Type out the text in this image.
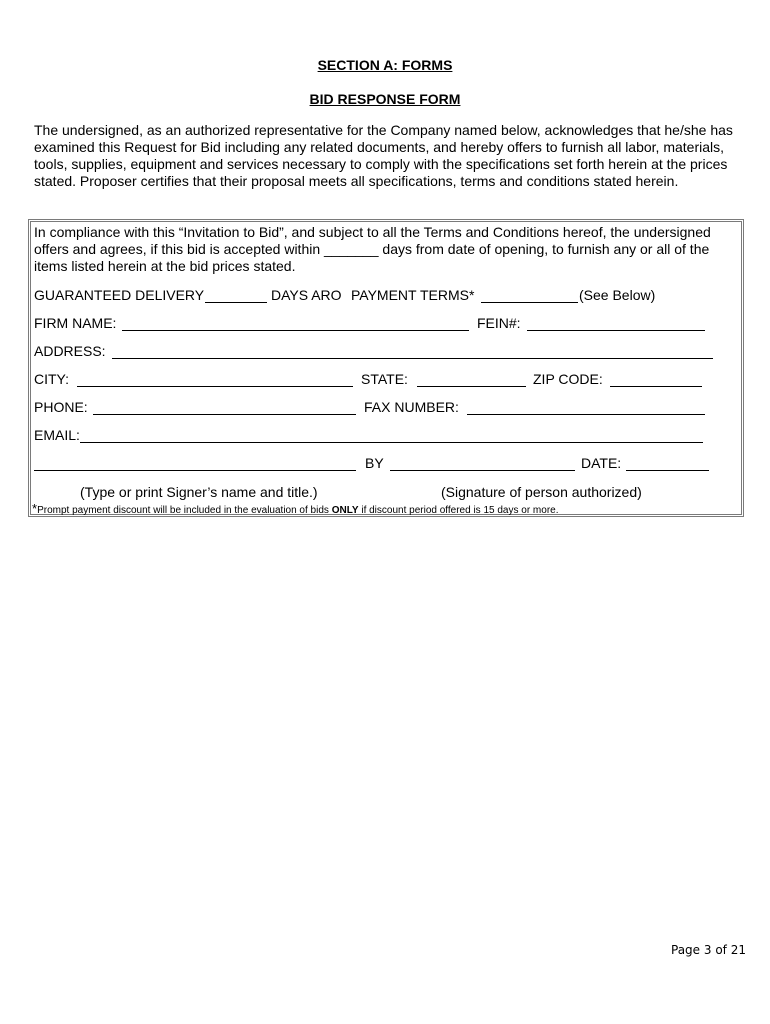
SECTION A: FORMS
BID RESPONSE FORM
The undersigned, as an authorized representative for the Company named below, acknowledges that he/she has examined this Request for Bid including any related documents, and hereby offers to furnish all labor, materials, tools, supplies, equipment and services necessary to comply with the specifications set forth herein at the prices stated. Proposer certifies that their proposal meets all specifications, terms and conditions stated herein.
In compliance with this “Invitation to Bid”, and subject to all the Terms and Conditions hereof, the undersigned offers and agrees, if this bid is accepted within _______ days from date of opening, to furnish any or all of the items listed herein at the bid prices stated.
GUARANTEED DELIVERY	DAYS ARO PAYMENT TERMS*	(See Below)
FIRM NAME:	FEIN#:
ADDRESS:
CITY:	STATE:	ZIP CODE:
PHONE:	FAX NUMBER:
EMAIL:
BY	DATE:
(Type or print Signer’s name and title.)	(Signature of person authorized)
*Prompt payment discount will be included in the evaluation of bids ONLY if discount period offered is 15 days or more.
Page 3 of 21
